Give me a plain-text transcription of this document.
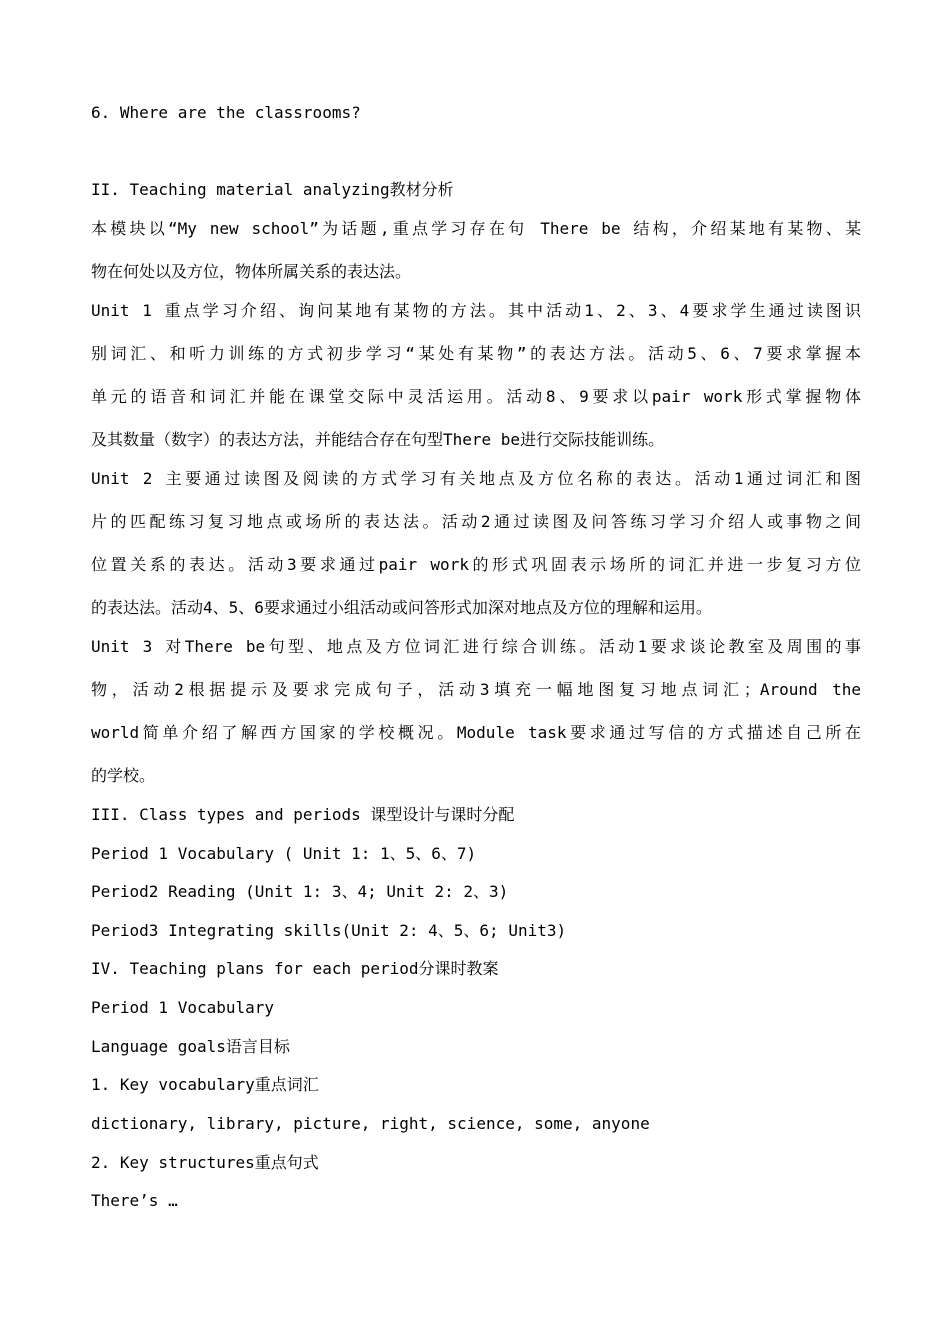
6. Where are the classrooms?
II. Teaching material analyzing教材分析
本模块以“My new school”为话题,重点学习存在句 There be 结构，介绍某地有某物、某
物在何处以及方位，物体所属关系的表达法。
Unit 1 重点学习介绍、询问某地有某物的方法。其中活动1、2、3、4要求学生通过读图识
别词汇、和听力训练的方式初步学习“某处有某物”的表达方法。活动5、6、7要求掌握本
单元的语音和词汇并能在课堂交际中灵活运用。活动8、9要求以pair work形式掌握物体
及其数量（数字）的表达方法，并能结合存在句型There be进行交际技能训练。
Unit 2 主要通过读图及阅读的方式学习有关地点及方位名称的表达。活动1通过词汇和图
片的匹配练习复习地点或场所的表达法。活动2通过读图及问答练习学习介绍人或事物之间
位置关系的表达。活动3要求通过pair work的形式巩固表示场所的词汇并进一步复习方位
的表达法。活动4、5、6要求通过小组活动或问答形式加深对地点及方位的理解和运用。
Unit 3 对There be句型、地点及方位词汇进行综合训练。活动1要求谈论教室及周围的事
物，活动2根据提示及要求完成句子，活动3填充一幅地图复习地点词汇；Around the
world简单介绍了解西方国家的学校概况。Module task要求通过写信的方式描述自己所在
的学校。
III. Class types and periods 课型设计与课时分配
Period 1 Vocabulary ( Unit 1: 1、5、6、7)
Period2 Reading (Unit 1: 3、4; Unit 2: 2、3)
Period3 Integrating skills(Unit 2: 4、5、6; Unit3)
IV. Teaching plans for each period分课时教案
Period 1 Vocabulary
Language goals语言目标
1. Key vocabulary重点词汇
dictionary, library, picture, right, science, some, anyone
2. Key structures重点句式
There’s …
